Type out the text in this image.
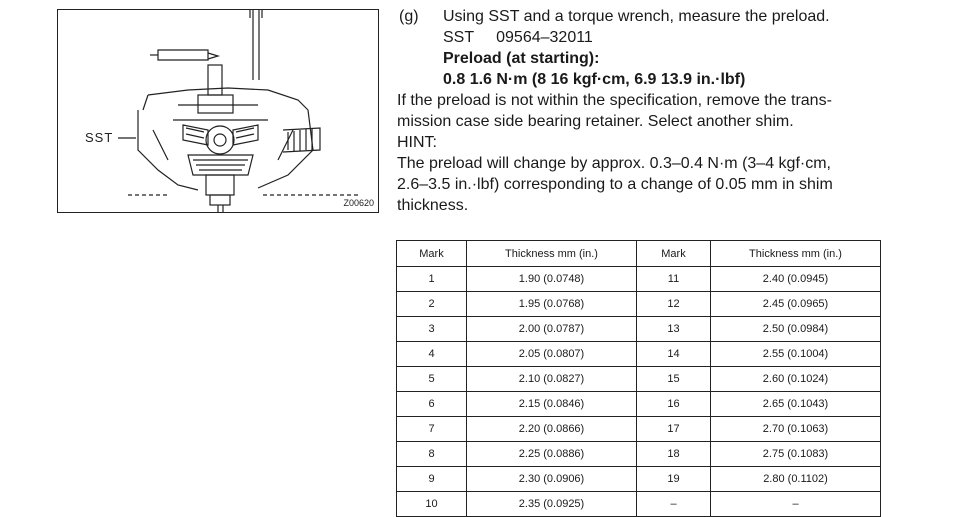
SST
Z00620
(g) Using SST and a torque wrench, measure the preload.
SST 09564–32011
Preload (at starting):
0.8 1.6 N·m (8 16 kgf·cm, 6.9 13.9 in.·lbf)
If the preload is not within the specification, remove the trans-
mission case side bearing retainer. Select another shim.
HINT:
The preload will change by approx. 0.3–0.4 N·m (3–4 kgf·cm,
2.6–3.5 in.·lbf) corresponding to a change of 0.05 mm in shim
thickness.
Mark	Thickness mm (in.)	Mark	Thickness mm (in.)
1	1.90 (0.0748)	11	2.40 (0.0945)
2	1.95 (0.0768)	12	2.45 (0.0965)
3	2.00 (0.0787)	13	2.50 (0.0984)
4	2.05 (0.0807)	14	2.55 (0.1004)
5	2.10 (0.0827)	15	2.60 (0.1024)
6	2.15 (0.0846)	16	2.65 (0.1043)
7	2.20 (0.0866)	17	2.70 (0.1063)
8	2.25 (0.0886)	18	2.75 (0.1083)
9	2.30 (0.0906)	19	2.80 (0.1102)
10	2.35 (0.0925)	–	–
